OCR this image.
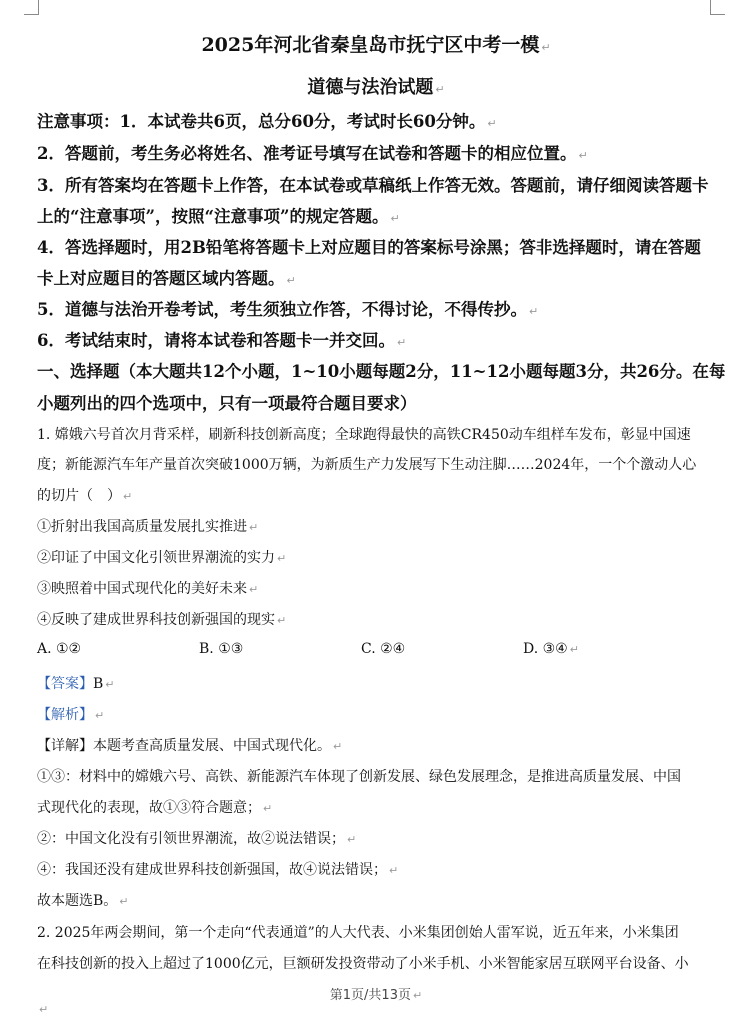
2025年河北省秦皇岛市抚宁区中考一模 ↵
道德与法治试题 ↵
注意事项：1．本试卷共6页，总分60分，考试时长60分钟。 ↵
2．答题前，考生务必将姓名、准考证号填写在试卷和答题卡的相应位置。 ↵
3．所有答案均在答题卡上作答，在本试卷或草稿纸上作答无效。答题前，请仔细阅读答题卡
上的“注意事项”，按照“注意事项”的规定答题。 ↵
4．答选择题时，用2B铅笔将答题卡上对应题目的答案标号涂黑；答非选择题时，请在答题
卡上对应题目的答题区域内答题。 ↵
5．道德与法治开卷考试，考生须独立作答，不得讨论，不得传抄。 ↵
6．考试结束时，请将本试卷和答题卡一并交回。 ↵
一、选择题（本大题共12个小题，1~10小题每题2分，11~12小题每题3分，共26分。在每
小题列出的四个选项中，只有一项最符合题目要求）
1. 嫦娥六号首次月背采样，刷新科技创新高度；全球跑得最快的高铁CR450动车组样车发布，彰显中国速
度；新能源汽车年产量首次突破1000万辆，为新质生产力发展写下生动注脚……2024年，一个个激动人心
的切片（　） ↵
①折射出我国高质量发展扎实推进 ↵
②印证了中国文化引领世界潮流的实力 ↵
③映照着中国式现代化的美好未来 ↵
④反映了建成世界科技创新强国的现实 ↵
A. ①②	B. ①③	C. ②④	D. ③④ ↵
【答案】B ↵
【解析】 ↵
【详解】本题考查高质量发展、中国式现代化。 ↵
①③：材料中的嫦娥六号、高铁、新能源汽车体现了创新发展、绿色发展理念，是推进高质量发展、中国
式现代化的表现，故①③符合题意； ↵
②：中国文化没有引领世界潮流，故②说法错误； ↵
④：我国还没有建成世界科技创新强国，故④说法错误； ↵
故本题选B。 ↵
2. 2025年两会期间，第一个走向“代表通道”的人大代表、小米集团创始人雷军说，近五年来，小米集团
在科技创新的投入上超过了1000亿元，巨额研发投资带动了小米手机、小米智能家居互联网平台设备、小
第1页/共13页 ↵
↵
